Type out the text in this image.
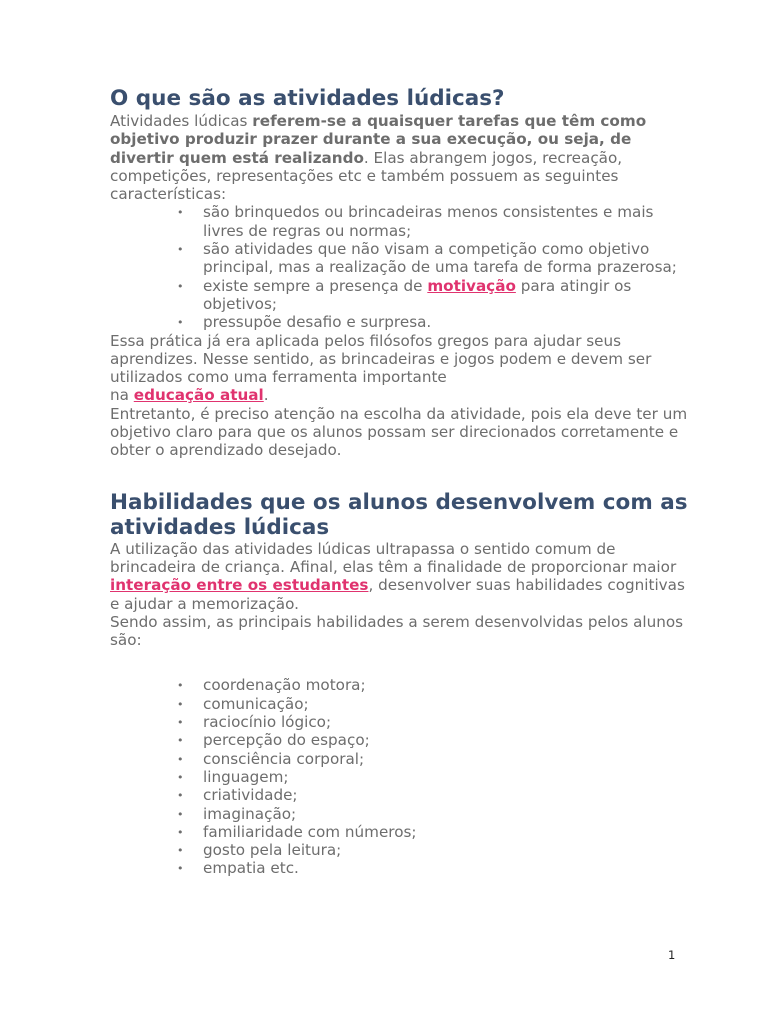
O que são as atividades lúdicas?

Atividades lúdicas referem-se a quaisquer tarefas que têm como objetivo produzir prazer durante a sua execução, ou seja, de divertir quem está realizando. Elas abrangem jogos, recreação, competições, representações etc e também possuem as seguintes características:

• são brinquedos ou brincadeiras menos consistentes e mais livres de regras ou normas;
• são atividades que não visam a competição como objetivo principal, mas a realização de uma tarefa de forma prazerosa;
• existe sempre a presença de motivação para atingir os objetivos;
• pressupõe desafio e surpresa.

Essa prática já era aplicada pelos filósofos gregos para ajudar seus aprendizes. Nesse sentido, as brincadeiras e jogos podem e devem ser utilizados como uma ferramenta importante
na educação atual.

Entretanto, é preciso atenção na escolha da atividade, pois ela deve ter um objetivo claro para que os alunos possam ser direcionados corretamente e obter o aprendizado desejado.

Habilidades que os alunos desenvolvem com as atividades lúdicas

A utilização das atividades lúdicas ultrapassa o sentido comum de brincadeira de criança. Afinal, elas têm a finalidade de proporcionar maior interação entre os estudantes, desenvolver suas habilidades cognitivas e ajudar a memorização.

Sendo assim, as principais habilidades a serem desenvolvidas pelos alunos são:

• coordenação motora;
• comunicação;
• raciocínio lógico;
• percepção do espaço;
• consciência corporal;
• linguagem;
• criatividade;
• imaginação;
• familiaridade com números;
• gosto pela leitura;
• empatia etc.
1
